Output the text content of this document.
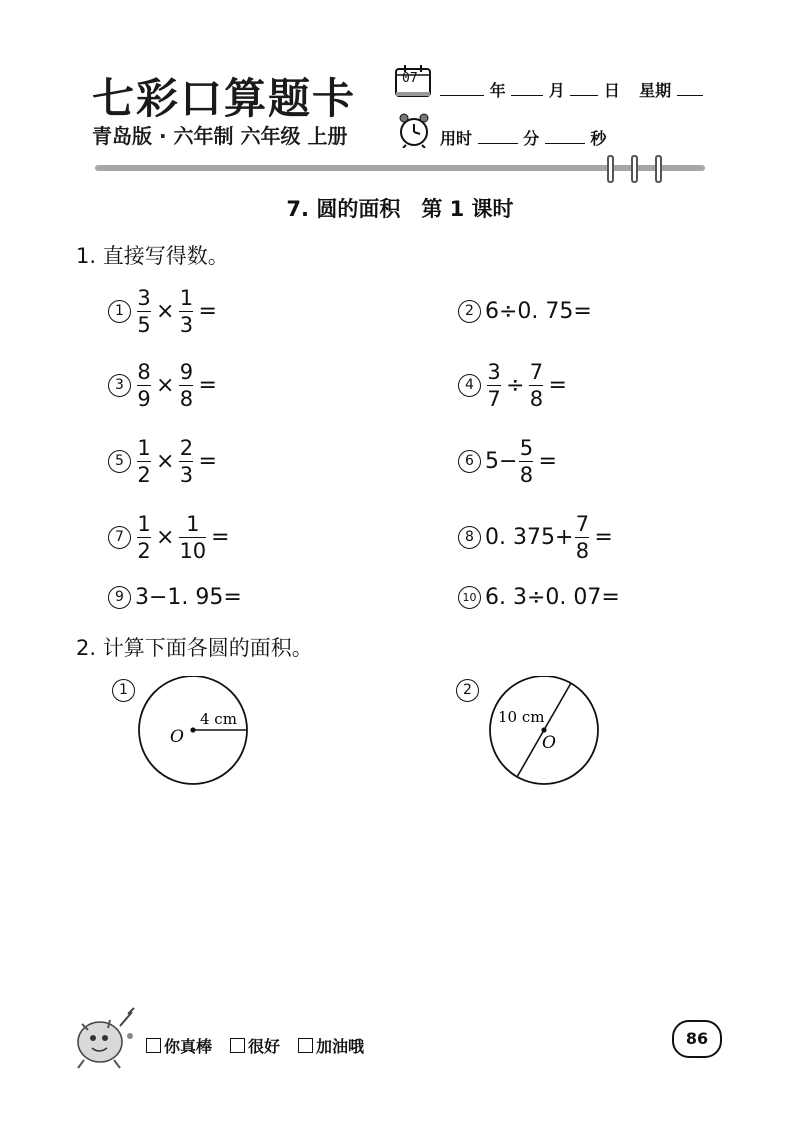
七彩口算题卡
青岛版 · 六年制 六年级 上册
07
年	月 日 星期
用时	分	秒
7. 圆的面积　第 1 课时
1. 直接写得数。
$1 \frac{3}{5} \times \frac{1}{3}$ =	2 6÷0. 75=
$3 \frac{8}{9} \times \frac{9}{8}$ =	$4 \frac{3}{7} \div \frac{7}{8}$ =
$5 \frac{1}{2} \times \frac{2}{3}$ =	6 $5- \frac{5}{8}$ =
$7 \frac{1}{2} \times \frac{1}{10}$ =	8 0. $375+ \frac{7}{8}$ =
9 3−1. 95=	10 6. 3÷0. 07=
2. 计算下面各圆的面积。
1
O
4 cm
2
O
10 cm
你真棒	很好	加油哦	86
